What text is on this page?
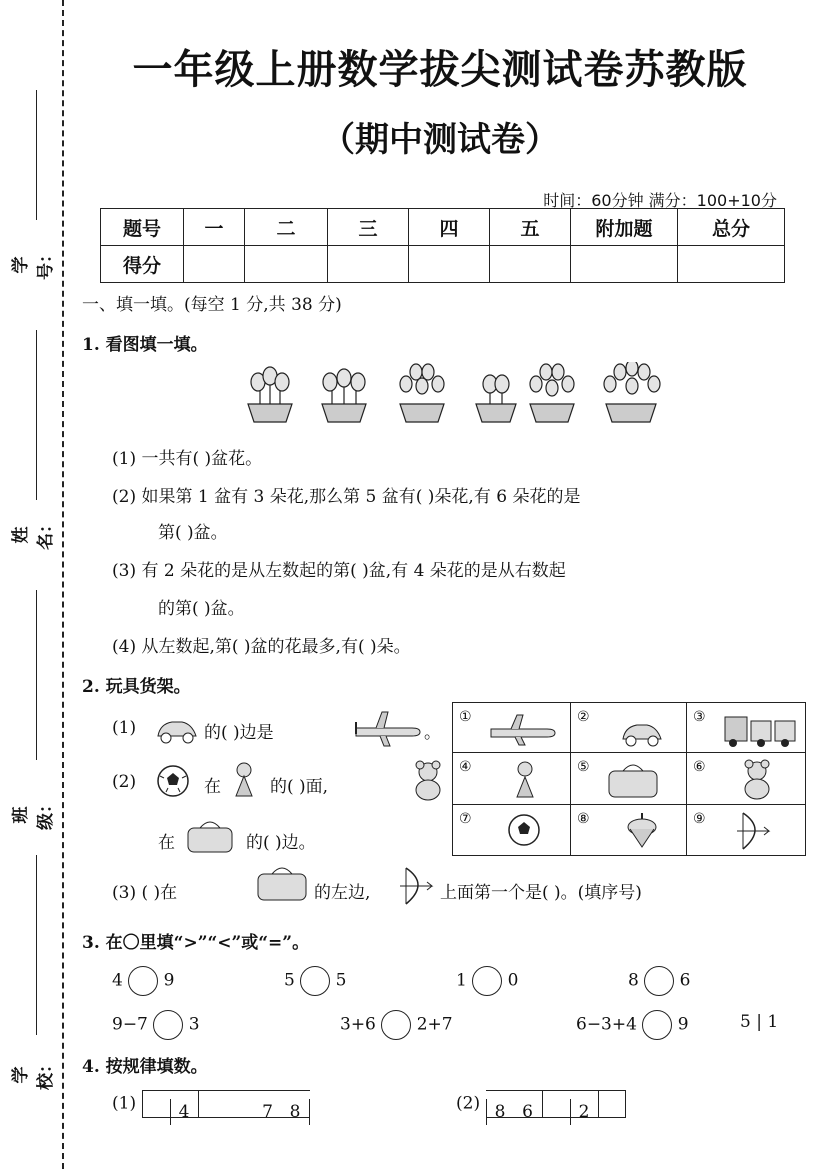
学号：
姓名：
班级：
学校：
一年级上册数学拔尖测试卷苏教版
（期中测试卷）
时间：60分钟 满分：100+10分
题号	一	二	三	四	五	附加题	总分
得分							
一、填一填。(每空 1 分,共 38 分)
1. 看图填一填。
(1) 一共有( )盆花。
(2) 如果第 1 盆有 3 朵花,那么第 5 盆有( )朵花,有 6 朵花的是
第( )盆。
(3) 有 2 朵花的是从左数起的第( )盆,有 4 朵花的是从右数起
的第( )盆。
(4) 从左数起,第( )盆的花最多,有( )朵。
2. 玩具货架。
(1)	的( )边是	。
(2)	在	的( )面,
在	的( )边。
①	②	③
④	⑤	⑥
⑦	⑧	⑨
(3) ( )在	的左边,	上面第一个是( )。(填序号)
3. 在〇里填“>”“<”或“=”。
4 9	5 5	1 0	8 6
9−7 3	3+6 2+7	6−3+4 9	5 | 1
4. 按规律填数。
(1) 4	7 8	(2) 8 6	2
